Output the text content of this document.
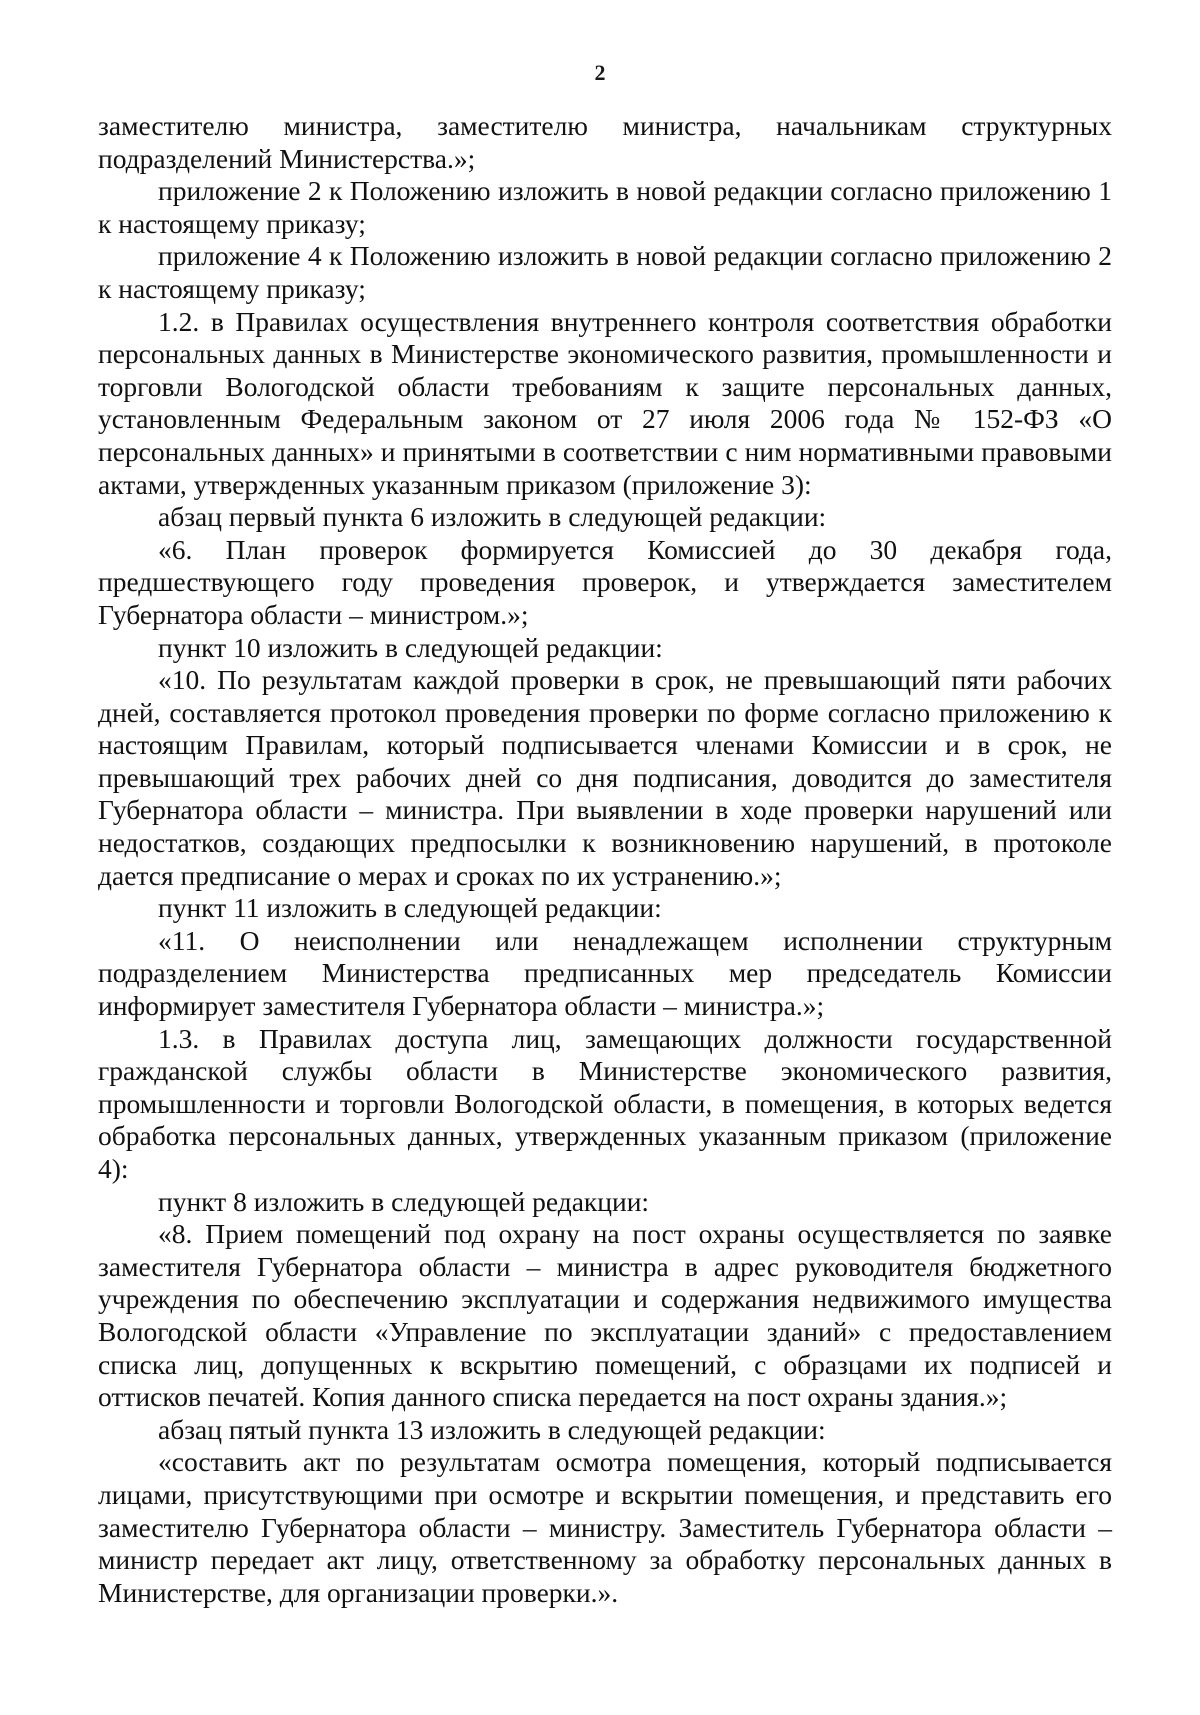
2

заместителю министра, заместителю министра, начальникам структурных подразделений Министерства.»;

приложение 2 к Положению изложить в новой редакции согласно приложению 1 к настоящему приказу;

приложение 4 к Положению изложить в новой редакции согласно приложению 2 к настоящему приказу;

1.2. в Правилах осуществления внутреннего контроля соответствия обработки персональных данных в Министерстве экономического развития, промышленности и торговли Вологодской области требованиям к защите персональных данных, установленным Федеральным законом от 27 июля 2006 года № 152-ФЗ «О персональных данных» и принятыми в соответствии с ним нормативными правовыми актами, утвержденных указанным приказом (приложение 3):

абзац первый пункта 6 изложить в следующей редакции:

«6. План проверок формируется Комиссией до 30 декабря года, предшествующего году проведения проверок, и утверждается заместителем Губернатора области – министром.»;

пункт 10 изложить в следующей редакции:

«10. По результатам каждой проверки в срок, не превышающий пяти рабочих дней, составляется протокол проведения проверки по форме согласно приложению к настоящим Правилам, который подписывается членами Комиссии и в срок, не превышающий трех рабочих дней со дня подписания, доводится до заместителя Губернатора области – министра. При выявлении в ходе проверки нарушений или недостатков, создающих предпосылки к возникновению нарушений, в протоколе дается предписание о мерах и сроках по их устранению.»;

пункт 11 изложить в следующей редакции:

«11. О неисполнении или ненадлежащем исполнении структурным подразделением Министерства предписанных мер председатель Комиссии информирует заместителя Губернатора области – министра.»;

1.3. в Правилах доступа лиц, замещающих должности государственной гражданской службы области в Министерстве экономического развития, промышленности и торговли Вологодской области, в помещения, в которых ведется обработка персональных данных, утвержденных указанным приказом (приложение 4):

пункт 8 изложить в следующей редакции:

«8. Прием помещений под охрану на пост охраны осуществляется по заявке заместителя Губернатора области – министра в адрес руководителя бюджетного учреждения по обеспечению эксплуатации и содержания недвижимого имущества Вологодской области «Управление по эксплуатации зданий» с предоставлением списка лиц, допущенных к вскрытию помещений, с образцами их подписей и оттисков печатей. Копия данного списка передается на пост охраны здания.»;

абзац пятый пункта 13 изложить в следующей редакции:

«составить акт по результатам осмотра помещения, который подписывается лицами, присутствующими при осмотре и вскрытии помещения, и представить его заместителю Губернатора области – министру. Заместитель Губернатора области – министр передает акт лицу, ответственному за обработку персональных данных в Министерстве, для организации проверки.».
